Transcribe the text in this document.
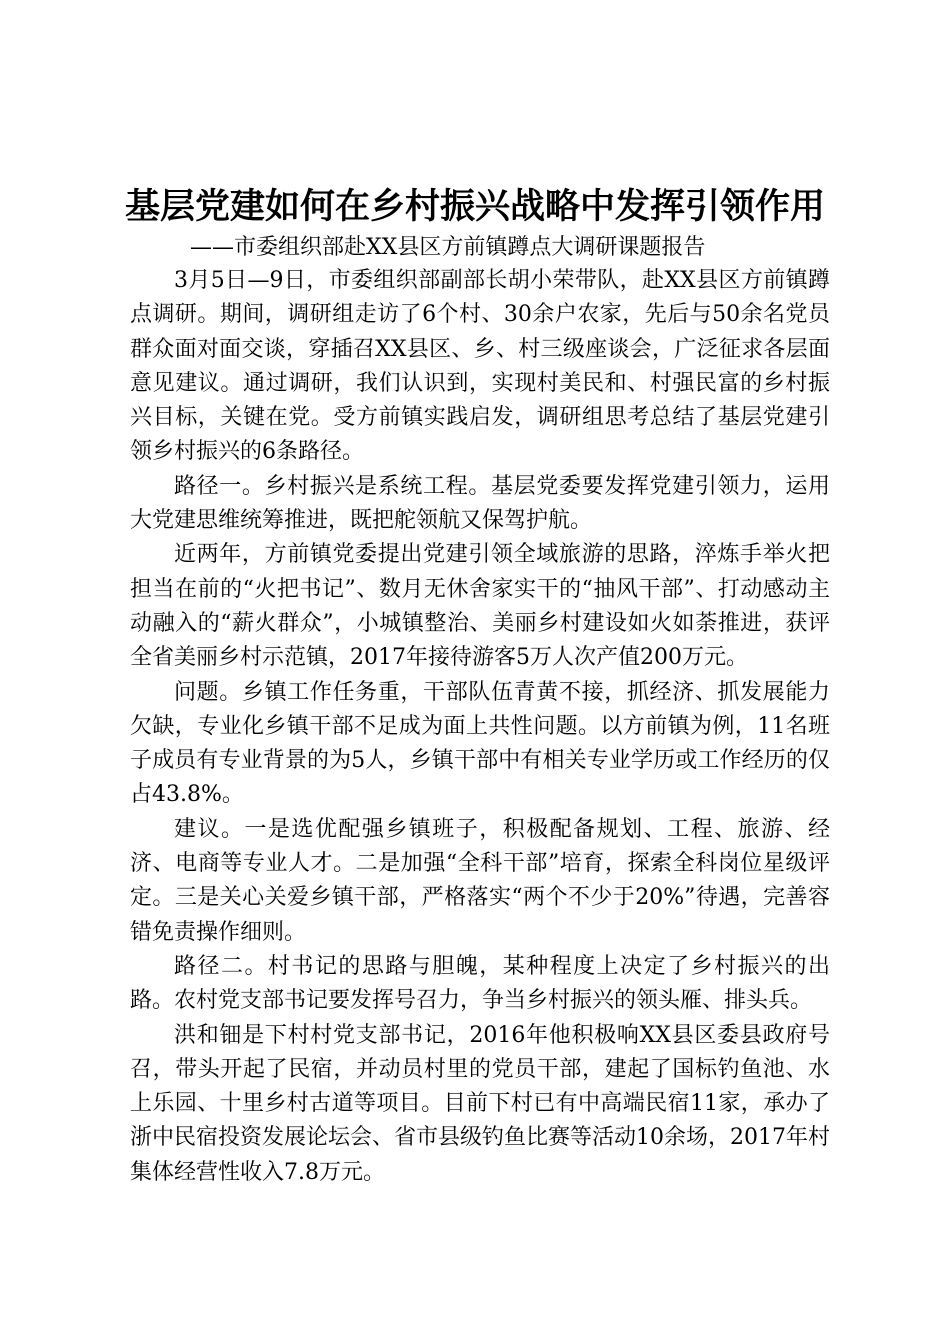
基层党建如何在乡村振兴战略中发挥引领作用
——市委组织部赴XX县区方前镇蹲点大调研课题报告

3月5日—9日，市委组织部副部长胡小荣带队，赴XX县区方前镇蹲点调研。期间，调研组走访了6个村、30余户农家，先后与50余名党员群众面对面交谈，穿插召XX县区、乡、村三级座谈会，广泛征求各层面意见建议。通过调研，我们认识到，实现村美民和、村强民富的乡村振兴目标，关键在党。受方前镇实践启发，调研组思考总结了基层党建引领乡村振兴的6条路径。

路径一。乡村振兴是系统工程。基层党委要发挥党建引领力，运用大党建思维统筹推进，既把舵领航又保驾护航。

近两年，方前镇党委提出党建引领全域旅游的思路，淬炼手举火把担当在前的“火把书记”、数月无休舍家实干的“抽风干部”、打动感动主动融入的“薪火群众”，小城镇整治、美丽乡村建设如火如荼推进，获评全省美丽乡村示范镇，2017年接待游客5万人次产值200万元。

问题。乡镇工作任务重，干部队伍青黄不接，抓经济、抓发展能力欠缺，专业化乡镇干部不足成为面上共性问题。以方前镇为例，11名班子成员有专业背景的为5人，乡镇干部中有相关专业学历或工作经历的仅占43.8%。

建议。一是选优配强乡镇班子，积极配备规划、工程、旅游、经济、电商等专业人才。二是加强“全科干部”培育，探索全科岗位星级评定。三是关心关爱乡镇干部，严格落实“两个不少于20%”待遇，完善容错免责操作细则。

路径二。村书记的思路与胆魄，某种程度上决定了乡村振兴的出路。农村党支部书记要发挥号召力，争当乡村振兴的领头雁、排头兵。

洪和钿是下村村党支部书记，2016年他积极响XX县区委县政府号召，带头开起了民宿，并动员村里的党员干部，建起了国标钓鱼池、水上乐园、十里乡村古道等项目。目前下村已有中高端民宿11家，承办了浙中民宿投资发展论坛会、省市县级钓鱼比赛等活动10余场，2017年村集体经营性收入7.8万元。
